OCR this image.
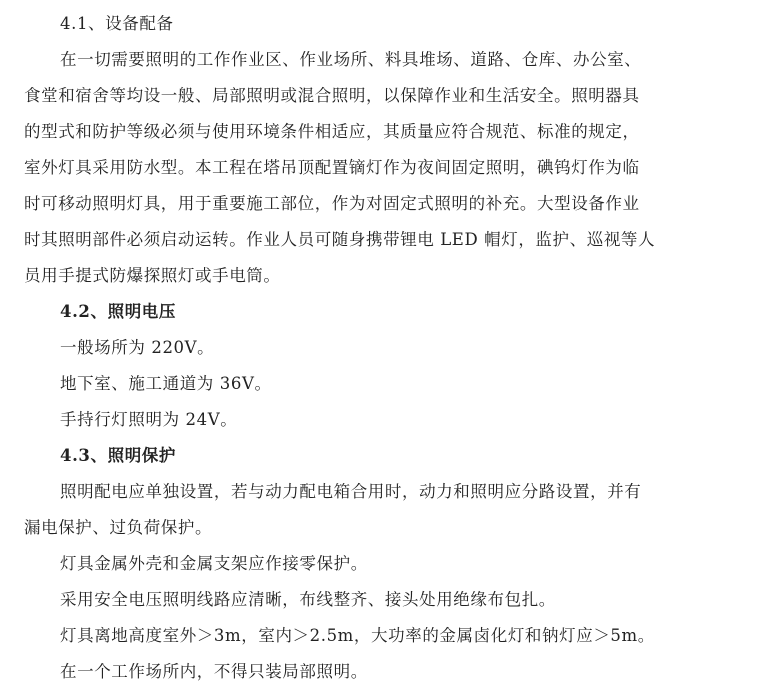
4.1、设备配备
在一切需要照明的工作作业区、作业场所、料具堆场、道路、仓库、办公室、
食堂和宿舍等均设一般、局部照明或混合照明，以保障作业和生活安全。照明器具
的型式和防护等级必须与使用环境条件相适应，其质量应符合规范、标准的规定，
室外灯具采用防水型。本工程在塔吊顶配置镝灯作为夜间固定照明，碘钨灯作为临
时可移动照明灯具，用于重要施工部位，作为对固定式照明的补充。大型设备作业
时其照明部件必须启动运转。作业人员可随身携带锂电 LED 帽灯，监护、巡视等人
员用手提式防爆探照灯或手电筒。
4.2、照明电压
一般场所为 220V。
地下室、施工通道为 36V。
手持行灯照明为 24V。
4.3、照明保护
照明配电应单独设置，若与动力配电箱合用时，动力和照明应分路设置，并有
漏电保护、过负荷保护。
灯具金属外壳和金属支架应作接零保护。
采用安全电压照明线路应清晰，布线整齐、接头处用绝缘布包扎。
灯具离地高度室外＞3m，室内＞2.5m，大功率的金属卤化灯和钠灯应＞5m。
在一个工作场所内，不得只装局部照明。
